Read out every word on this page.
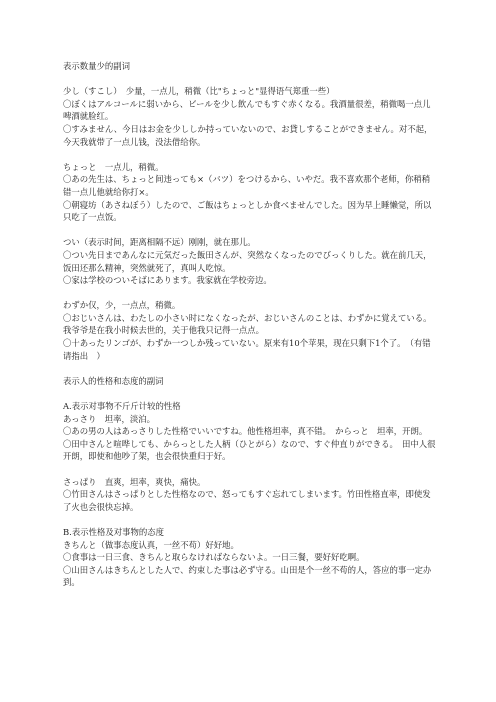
表示数量少的副词
少し（すこし）　少量，一点儿，稍微（比"ちょっと"显得语气郑重一些）
〇ぼくはアルコールに弱いから、ビールを少し飲んでもすぐ赤くなる。我酒量很差，稍微喝一点儿啤酒就脸红。
〇すみません、今日はお金を少ししか持っていないので、お貸しすることができません。对不起，今天我就带了一点儿钱，没法借给你。
ちょっと　一点儿，稍微。
〇あの先生は、ちょっと间违っても×（バツ）をつけるから、いやだ。我不喜欢那个老师，你稍稍错一点儿他就给你打×。
〇朝寝坊（あさねぼう）したので、ご飯はちょっとしか食べませんでした。因为早上睡懒觉，所以只吃了一点饭。
つい（表示时间，距离相隔不远）刚刚，就在那儿。
〇つい先日まであんなに元気だった飯田さんが、突然なくなったのでびっくりした。就在前几天，饭田还那么精神，突然就死了，真叫人吃惊。
〇家は学校のついそばにあります。我家就在学校旁边。
わずか仅，少，一点点，稍微。
〇おじいさんは、わたしの小さい时になくなったが、おじいさんのことは、わずかに覚えている。我爷爷是在我小时候去世的，关于他我只记得一点点。
〇十あったリンゴが、わずか一つしか残っていない。原来有10个苹果，现在只剩下1个了。　（有错请指出　）
表示人的性格和态度的副词
A.表示对事物不斤斤计较的性格
あっさり　坦率，淡泊。
〇あの男の人はあっさりした性格でいいですね。他性格坦率，真不错。　からっと　坦率，开朗。
〇田中さんと喧哗しても、からっとした人柄（ひとがら）なので、すぐ仲直りができる。　田中人很开朗，即使和他吵了架，也会很快重归于好。
さっぱり　直爽，坦率，爽快，痛快。
〇竹田さんはさっぱりとした性格なので、怒ってもすぐ忘れてしまいます。竹田性格直率，即使发了火也会很快忘掉。
B.表示性格及对事物的态度
きちんと（做事态度认真，一丝不苟）好好地。
〇食事は一日三食、きちんと取らなければならないよ。一日三餐，要好好吃啊。
〇山田さんはきちんとした人で、约束した事は必ず守る。山田是个一丝不苟的人，答应的事一定办到。
